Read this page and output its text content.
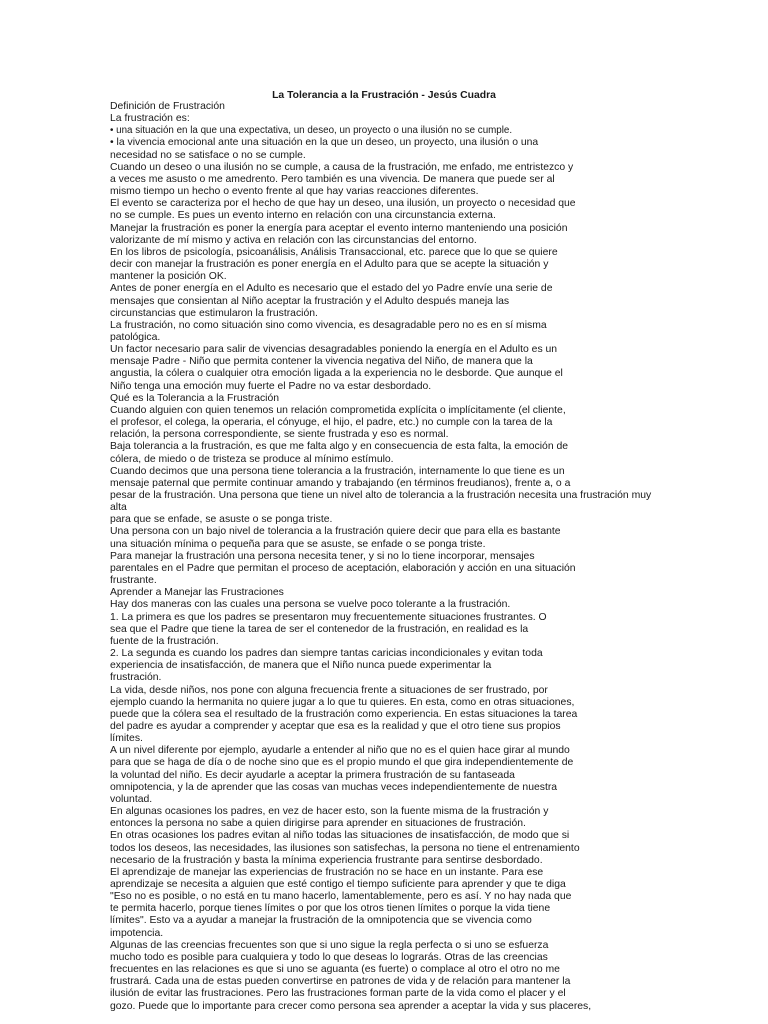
La Tolerancia a la Frustración - Jesús Cuadra
Definición de Frustración
La frustración es:
• una situación en la que una expectativa, un deseo, un proyecto o una ilusión no se cumple.
• la vivencia emocional ante una situación en la que un deseo, un proyecto, una ilusión o una
necesidad no se satisface o no se cumple.
Cuando un deseo o una ilusión no se cumple, a causa de la frustración, me enfado, me entristezco y
a veces me asusto o me amedrento. Pero también es una vivencia. De manera que puede ser al
mismo tiempo un hecho o evento frente al que hay varias reacciones diferentes.
El evento se caracteriza por el hecho de que hay un deseo, una ilusión, un proyecto o necesidad que
no se cumple. Es pues un evento interno en relación con una circunstancia externa.
Manejar la frustración es poner la energía para aceptar el evento interno manteniendo una posición
valorizante de mí mismo y activa en relación con las circunstancias del entorno.
En los libros de psicología, psicoanálisis, Análisis Transaccional, etc. parece que lo que se quiere
decir con manejar la frustración es poner energía en el Adulto para que se acepte la situación y
mantener la posición OK.
Antes de poner energía en el Adulto es necesario que el estado del yo Padre envíe una serie de
mensajes que consientan al Niño aceptar la frustración y el Adulto después maneja las
circunstancias que estimularon la frustración.
La frustración, no como situación sino como vivencia, es desagradable pero no es en sí misma
patológica.
Un factor necesario para salir de vivencias desagradables poniendo la energía en el Adulto es un
mensaje Padre - Niño que permita contener la vivencia negativa del Niño, de manera que la
angustia, la cólera o cualquier otra emoción ligada a la experiencia no le desborde. Que aunque el
Niño tenga una emoción muy fuerte el Padre no va estar desbordado.
Qué es la Tolerancia a la Frustración
Cuando alguien con quien tenemos un relación comprometida explícita o implícitamente (el cliente,
el profesor, el colega, la operaria, el cónyuge, el hijo, el padre, etc.) no cumple con la tarea de la
relación, la persona correspondiente, se siente frustrada y eso es normal.
Baja tolerancia a la frustración, es que me falta algo y en consecuencia de esta falta, la emoción de
cólera, de miedo o de tristeza se produce al mínimo estímulo.
Cuando decimos que una persona tiene tolerancia a la frustración, internamente lo que tiene es un
mensaje paternal que permite continuar amando y trabajando (en términos freudianos), frente a, o a
pesar de la frustración. Una persona que tiene un nivel alto de tolerancia a la frustración necesita una frustración muy
alta
para que se enfade, se asuste o se ponga triste.
Una persona con un bajo nivel de tolerancia a la frustración quiere decir que para ella es bastante
una situación mínima o pequeña para que se asuste, se enfade o se ponga triste.
Para manejar la frustración una persona necesita tener, y si no lo tiene incorporar, mensajes
parentales en el Padre que permitan el proceso de aceptación, elaboración y acción en una situación
frustrante.
Aprender a Manejar las Frustraciones
Hay dos maneras con las cuales una persona se vuelve poco tolerante a la frustración.
1. La primera es que los padres se presentaron muy frecuentemente situaciones frustrantes. O
sea que el Padre que tiene la tarea de ser el contenedor de la frustración, en realidad es la
fuente de la frustración.
2. La segunda es cuando los padres dan siempre tantas caricias incondicionales y evitan toda
experiencia de insatisfacción, de manera que el Niño nunca puede experimentar la
frustración.
La vida, desde niños, nos pone con alguna frecuencia frente a situaciones de ser frustrado, por
ejemplo cuando la hermanita no quiere jugar a lo que tu quieres. En esta, como en otras situaciones,
puede que la cólera sea el resultado de la frustración como experiencia. En estas situaciones la tarea
del padre es ayudar a comprender y aceptar que esa es la realidad y que el otro tiene sus propios
límites.
A un nivel diferente por ejemplo, ayudarle a entender al niño que no es el quien hace girar al mundo
para que se haga de día o de noche sino que es el propio mundo el que gira independientemente de
la voluntad del niño. Es decir ayudarle a aceptar la primera frustración de su fantaseada
omnipotencia, y la de aprender que las cosas van muchas veces independientemente de nuestra
voluntad.
En algunas ocasiones los padres, en vez de hacer esto, son la fuente misma de la frustración y
entonces la persona no sabe a quien dirigirse para aprender en situaciones de frustración.
En otras ocasiones los padres evitan al niño todas las situaciones de insatisfacción, de modo que si
todos los deseos, las necesidades, las ilusiones son satisfechas, la persona no tiene el entrenamiento
necesario de la frustración y basta la mínima experiencia frustrante para sentirse desbordado.
El aprendizaje de manejar las experiencias de frustración no se hace en un instante. Para ese
aprendizaje se necesita a alguien que esté contigo el tiempo suficiente para aprender y que te diga
"Eso no es posible, o no está en tu mano hacerlo, lamentablemente, pero es así. Y no hay nada que
te permita hacerlo, porque tienes límites o por que los otros tienen límites o porque la vida tiene
límites". Esto va a ayudar a manejar la frustración de la omnipotencia que se vivencia como
impotencia.
Algunas de las creencias frecuentes son que si uno sigue la regla perfecta o si uno se esfuerza
mucho todo es posible para cualquiera y todo lo que deseas lo lograrás. Otras de las creencias
frecuentes en las relaciones es que si uno se aguanta (es fuerte) o complace al otro el otro no me
frustrará. Cada una de estas pueden convertirse en patrones de vida y de relación para mantener la
ilusión de evitar las frustraciones. Pero las frustraciones forman parte de la vida como el placer y el
gozo. Puede que lo importante para crecer como persona sea aprender a aceptar la vida y sus placeres,
